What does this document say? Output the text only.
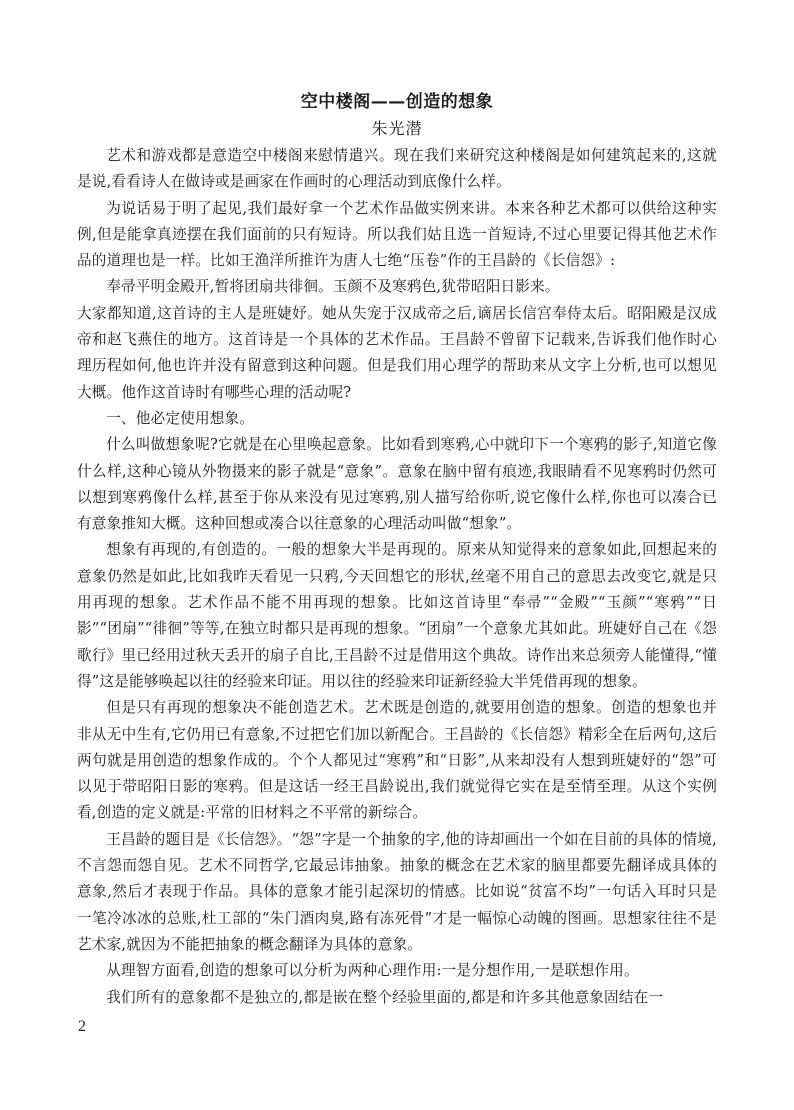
空中楼阁——创造的想象
朱光潜

艺术和游戏都是意造空中楼阁来慰情遣兴。现在我们来研究这种楼阁是如何建筑起来的,这就是说,看看诗人在做诗或是画家在作画时的心理活动到底像什么样。

为说话易于明了起见,我们最好拿一个艺术作品做实例来讲。本来各种艺术都可以供给这种实例,但是能拿真迹摆在我们面前的只有短诗。所以我们姑且选一首短诗,不过心里要记得其他艺术作品的道理也是一样。比如王渔洋所推许为唐人七绝“压卷”作的王昌龄的《长信怨》:

奉帚平明金殿开,暂将团扇共徘徊。玉颜不及寒鸦色,犹带昭阳日影来。

大家都知道,这首诗的主人是班婕妤。她从失宠于汉成帝之后,谪居长信宫奉侍太后。昭阳殿是汉成帝和赵飞燕住的地方。这首诗是一个具体的艺术作品。王昌龄不曾留下记载来,告诉我们他作时心理历程如何,他也许并没有留意到这种问题。但是我们用心理学的帮助来从文字上分析,也可以想见大概。他作这首诗时有哪些心理的活动呢?

一、他必定使用想象。

什么叫做想象呢?它就是在心里唤起意象。比如看到寒鸦,心中就印下一个寒鸦的影子,知道它像什么样,这种心镜从外物摄来的影子就是“意象”。意象在脑中留有痕迹,我眼睛看不见寒鸦时仍然可以想到寒鸦像什么样,甚至于你从来没有见过寒鸦,别人描写给你听,说它像什么样,你也可以凑合已有意象推知大概。这种回想或凑合以往意象的心理活动叫做“想象”。

想象有再现的,有创造的。一般的想象大半是再现的。原来从知觉得来的意象如此,回想起来的意象仍然是如此,比如我昨天看见一只鸦,今天回想它的形状,丝毫不用自己的意思去改变它,就是只用再现的想象。艺术作品不能不用再现的想象。比如这首诗里“奉帚”“金殿”“玉颜”“寒鸦”“日影”“团扇”“徘徊”等等,在独立时都只是再现的想象。“团扇”一个意象尤其如此。班婕妤自己在《怨歌行》里已经用过秋天丢开的扇子自比,王昌龄不过是借用这个典故。诗作出来总须旁人能懂得,“懂得”这是能够唤起以往的经验来印证。用以往的经验来印证新经验大半凭借再现的想象。

但是只有再现的想象决不能创造艺术。艺术既是创造的,就要用创造的想象。创造的想象也并非从无中生有,它仍用已有意象,不过把它们加以新配合。王昌龄的《长信怨》精彩全在后两句,这后两句就是用创造的想象作成的。个个人都见过“寒鸦”和“日影”,从来却没有人想到班婕妤的“怨”可以见于带昭阳日影的寒鸦。但是这话一经王昌龄说出,我们就觉得它实在是至情至理。从这个实例看,创造的定义就是:平常的旧材料之不平常的新综合。

王昌龄的题目是《长信怨》。“怨”字是一个抽象的字,他的诗却画出一个如在目前的具体的情境,不言怨而怨自见。艺术不同哲学,它最忌讳抽象。抽象的概念在艺术家的脑里都要先翻译成具体的意象,然后才表现于作品。具体的意象才能引起深切的情感。比如说“贫富不均”一句话入耳时只是一笔冷冰冰的总账,杜工部的“朱门酒肉臭,路有冻死骨”才是一幅惊心动魄的图画。思想家往往不是艺术家,就因为不能把抽象的概念翻译为具体的意象。

从理智方面看,创造的想象可以分析为两种心理作用:一是分想作用,一是联想作用。

我们所有的意象都不是独立的,都是嵌在整个经验里面的,都是和许多其他意象固结在一

2
